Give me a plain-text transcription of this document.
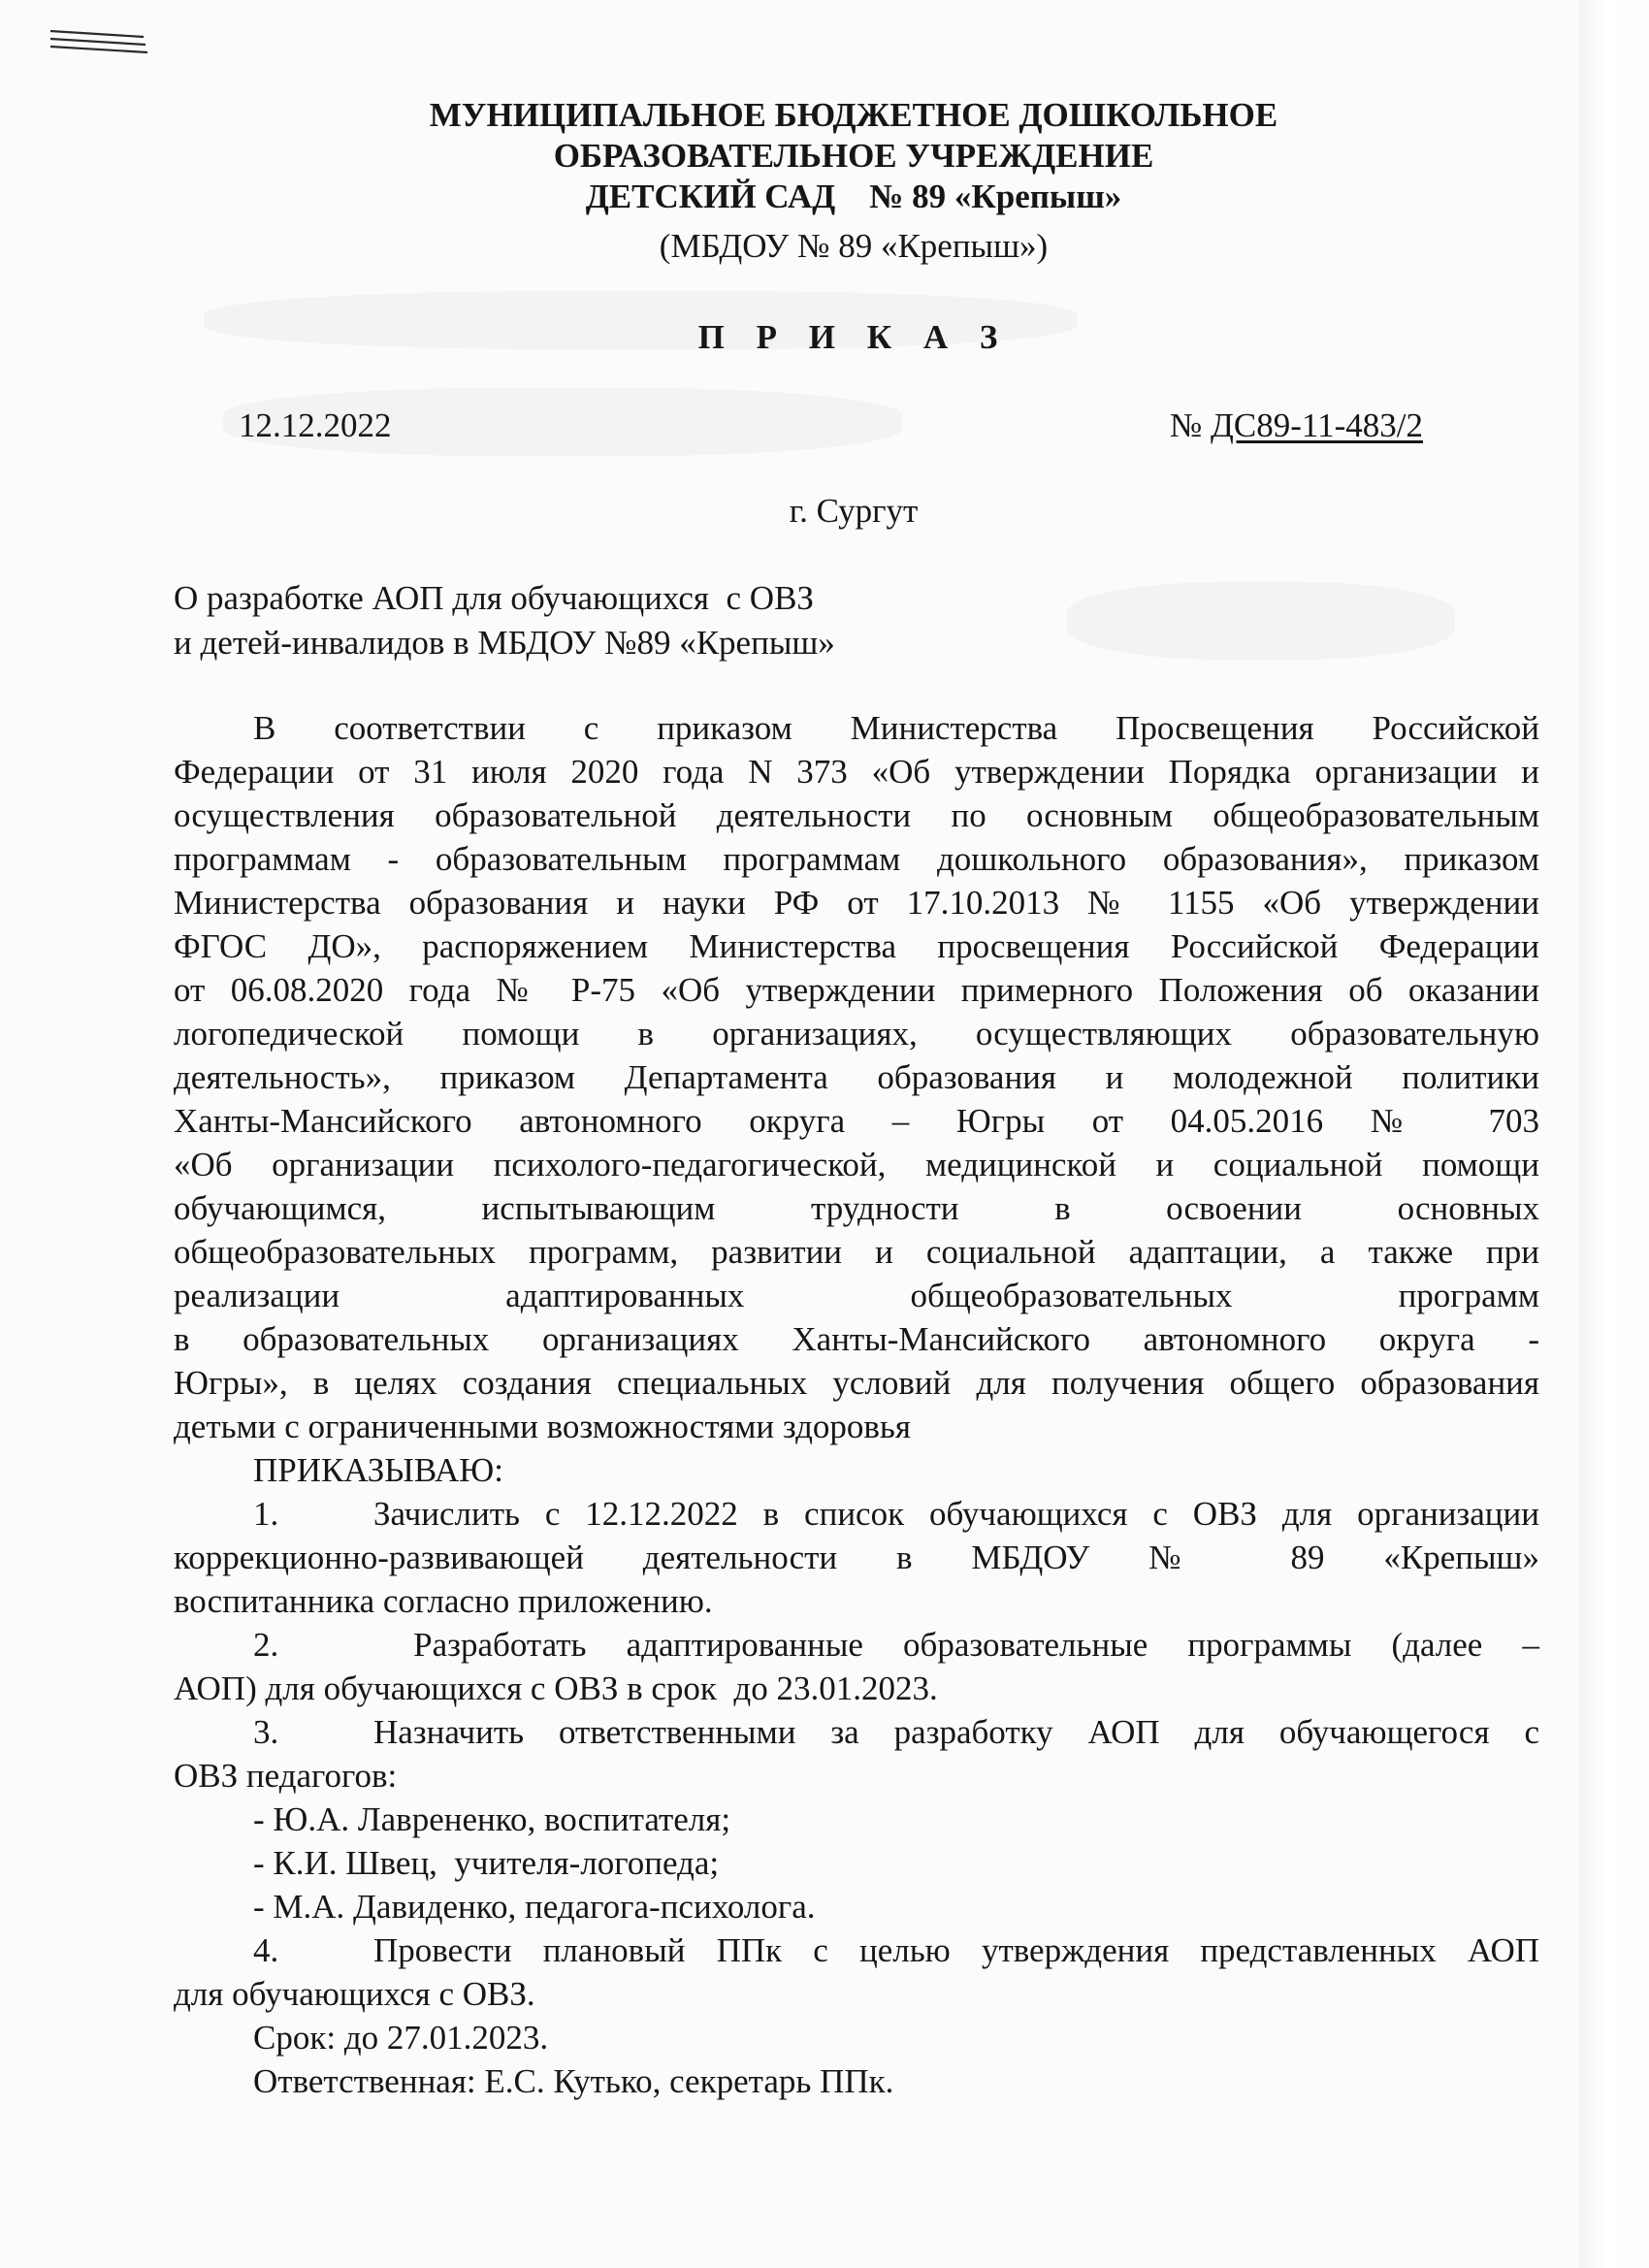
МУНИЦИПАЛЬНОЕ БЮДЖЕТНОЕ ДОШКОЛЬНОЕ
ОБРАЗОВАТЕЛЬНОЕ УЧРЕЖДЕНИЕ
ДЕТСКИЙ САД    № 89 «Крепыш»
(МБДОУ № 89 «Крепыш»)
П Р И К А З
12.12.2022	№ ДС89-11-483/2
г. Сургут
О разработке АОП для обучающихся  с ОВЗ
и детей-инвалидов в МБДОУ №89 «Крепыш»
В   соответствии   с   приказом   Министерства   Просвещения   Российской
Федерации от 31 июля 2020 года N 373 «Об утверждении Порядка организации и
осуществления образовательной деятельности по основным общеобразовательным
программам - образовательным программам дошкольного образования», приказом
Министерства образования и науки РФ от 17.10.2013 № 1155 «Об утверждении
ФГОС ДО», распоряжением Министерства просвещения Российской Федерации
от 06.08.2020 года № Р-75 «Об утверждении примерного Положения об оказании
логопедической помощи в организациях, осуществляющих образовательную
деятельность», приказом Департамента образования и молодежной политики
Ханты-Мансийского автономного округа – Югры от 04.05.2016 № 703
«Об организации психолого-педагогической, медицинской и социальной помощи
обучающимся, испытывающим трудности в освоении основных
общеобразовательных программ, развитии и социальной адаптации, а также при
реализации адаптированных общеобразовательных программ
в образовательных организациях Ханты-Мансийского автономного округа -
Югры», в целях создания специальных условий для получения общего образования
детьми с ограниченными возможностями здоровья
ПРИКАЗЫВАЮ:
1.	Зачислить с 12.12.2022 в список обучающихся с ОВЗ для организации
коррекционно-развивающей деятельности в МБДОУ № 89 «Крепыш»
воспитанника согласно приложению.
2.	Разработать адаптированные образовательные программы (далее –
АОП) для обучающихся с ОВЗ в срок  до 23.01.2023.
3.	Назначить ответственными за разработку АОП для обучающегося с
ОВЗ педагогов:
- Ю.А. Лаврененко, воспитателя;
- К.И. Швец,  учителя-логопеда;
- М.А. Давиденко, педагога-психолога.
4.	Провести плановый ППк с целью утверждения представленных АОП
для обучающихся с ОВЗ.
Срок: до 27.01.2023.
Ответственная: Е.С. Кутько, секретарь ППк.
